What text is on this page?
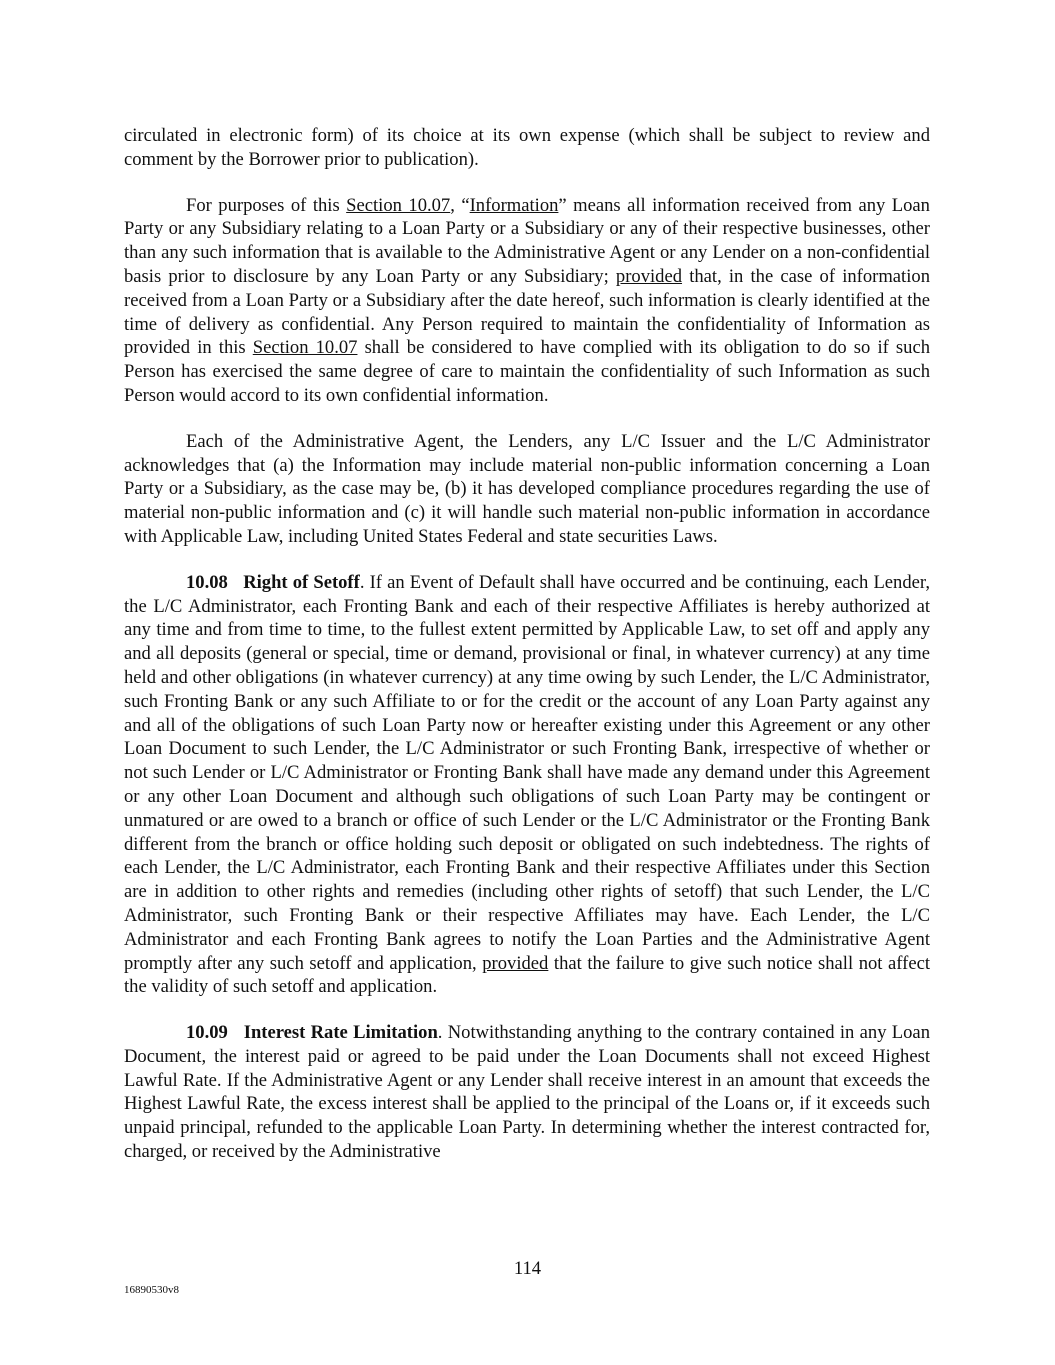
circulated in electronic form) of its choice at its own expense (which shall be subject to review and comment by the Borrower prior to publication).

For purposes of this Section 10.07, “Information” means all information received from any Loan Party or any Subsidiary relating to a Loan Party or a Subsidiary or any of their respective businesses, other than any such information that is available to the Administrative Agent or any Lender on a non-confidential basis prior to disclosure by any Loan Party or any Subsidiary; provided that, in the case of information received from a Loan Party or a Subsidiary after the date hereof, such information is clearly identified at the time of delivery as confidential. Any Person required to maintain the confidentiality of Information as provided in this Section 10.07 shall be considered to have complied with its obligation to do so if such Person has exercised the same degree of care to maintain the confidentiality of such Information as such Person would accord to its own confidential information.

Each of the Administrative Agent, the Lenders, any L/C Issuer and the L/C Administrator acknowledges that (a) the Information may include material non-public information concerning a Loan Party or a Subsidiary, as the case may be, (b) it has developed compliance procedures regarding the use of material non-public information and (c) it will handle such material non-public information in accordance with Applicable Law, including United States Federal and state securities Laws.

10.08 Right of Setoff. If an Event of Default shall have occurred and be continuing, each Lender, the L/C Administrator, each Fronting Bank and each of their respective Affiliates is hereby authorized at any time and from time to time, to the fullest extent permitted by Applicable Law, to set off and apply any and all deposits (general or special, time or demand, provisional or final, in whatever currency) at any time held and other obligations (in whatever currency) at any time owing by such Lender, the L/C Administrator, such Fronting Bank or any such Affiliate to or for the credit or the account of any Loan Party against any and all of the obligations of such Loan Party now or hereafter existing under this Agreement or any other Loan Document to such Lender, the L/C Administrator or such Fronting Bank, irrespective of whether or not such Lender or L/C Administrator or Fronting Bank shall have made any demand under this Agreement or any other Loan Document and although such obligations of such Loan Party may be contingent or unmatured or are owed to a branch or office of such Lender or the L/C Administrator or the Fronting Bank different from the branch or office holding such deposit or obligated on such indebtedness. The rights of each Lender, the L/C Administrator, each Fronting Bank and their respective Affiliates under this Section are in addition to other rights and remedies (including other rights of setoff) that such Lender, the L/C Administrator, such Fronting Bank or their respective Affiliates may have. Each Lender, the L/C Administrator and each Fronting Bank agrees to notify the Loan Parties and the Administrative Agent promptly after any such setoff and application, provided that the failure to give such notice shall not affect the validity of such setoff and application.

10.09 Interest Rate Limitation. Notwithstanding anything to the contrary contained in any Loan Document, the interest paid or agreed to be paid under the Loan Documents shall not exceed Highest Lawful Rate. If the Administrative Agent or any Lender shall receive interest in an amount that exceeds the Highest Lawful Rate, the excess interest shall be applied to the principal of the Loans or, if it exceeds such unpaid principal, refunded to the applicable Loan Party. In determining whether the interest contracted for, charged, or received by the Administrative

114
16890530v8
